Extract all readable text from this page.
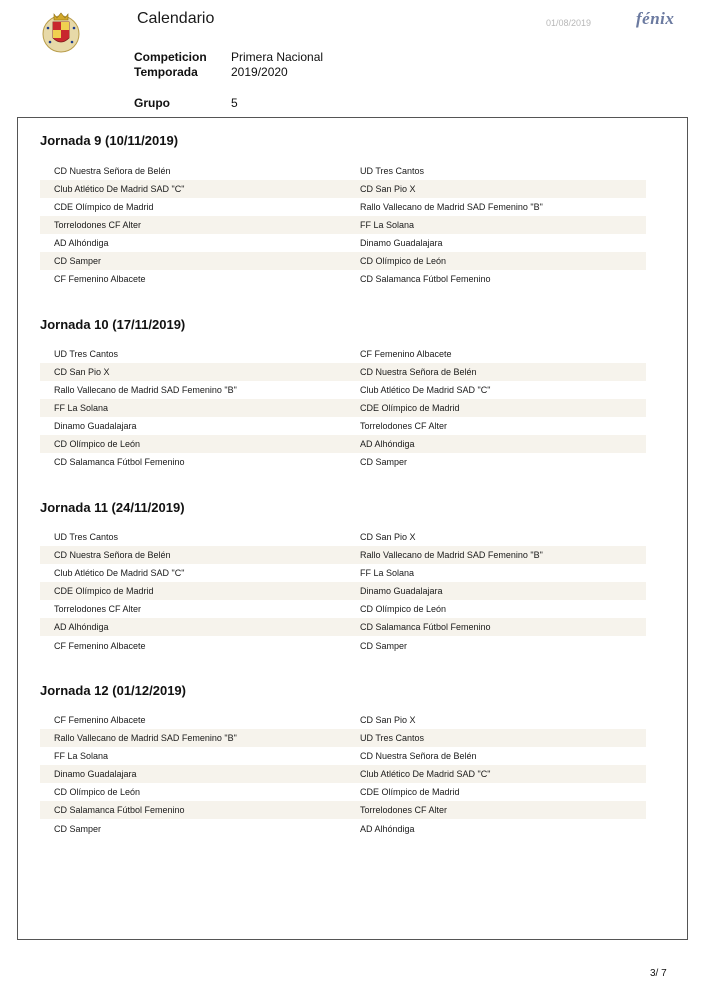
Calendario	01/08/2019	fénix
Competicion Primera Nacional
Temporada	2019/2020
Grupo	5
Jornada 9 (10/11/2019)
CD Nuestra Señora de Belén	UD Tres Cantos
Club Atlético De Madrid SAD "C"	CD San Pio X
CDE Olímpico de Madrid	Rallo Vallecano de Madrid SAD Femenino "B"
Torrelodones CF Alter	FF La Solana
AD Alhóndiga	Dinamo Guadalajara
CD Samper	CD Olímpico de León
CF Femenino Albacete	CD Salamanca Fútbol Femenino
Jornada 10 (17/11/2019)
UD Tres Cantos	CF Femenino Albacete
CD San Pio X	CD Nuestra Señora de Belén
Rallo Vallecano de Madrid SAD Femenino "B"	Club Atlético De Madrid SAD "C"
FF La Solana	CDE Olímpico de Madrid
Dinamo Guadalajara	Torrelodones CF Alter
CD Olímpico de León	AD Alhóndiga
CD Salamanca Fútbol Femenino	CD Samper
Jornada 11 (24/11/2019)
UD Tres Cantos	CD San Pio X
CD Nuestra Señora de Belén	Rallo Vallecano de Madrid SAD Femenino "B"
Club Atlético De Madrid SAD "C"	FF La Solana
CDE Olímpico de Madrid	Dinamo Guadalajara
Torrelodones CF Alter	CD Olímpico de León
AD Alhóndiga	CD Salamanca Fútbol Femenino
CF Femenino Albacete	CD Samper
Jornada 12 (01/12/2019)
CF Femenino Albacete	CD San Pio X
Rallo Vallecano de Madrid SAD Femenino "B"	UD Tres Cantos
FF La Solana	CD Nuestra Señora de Belén
Dinamo Guadalajara	Club Atlético De Madrid SAD "C"
CD Olímpico de León	CDE Olímpico de Madrid
CD Salamanca Fútbol Femenino	Torrelodones CF Alter
CD Samper	AD Alhóndiga
3/ 7
